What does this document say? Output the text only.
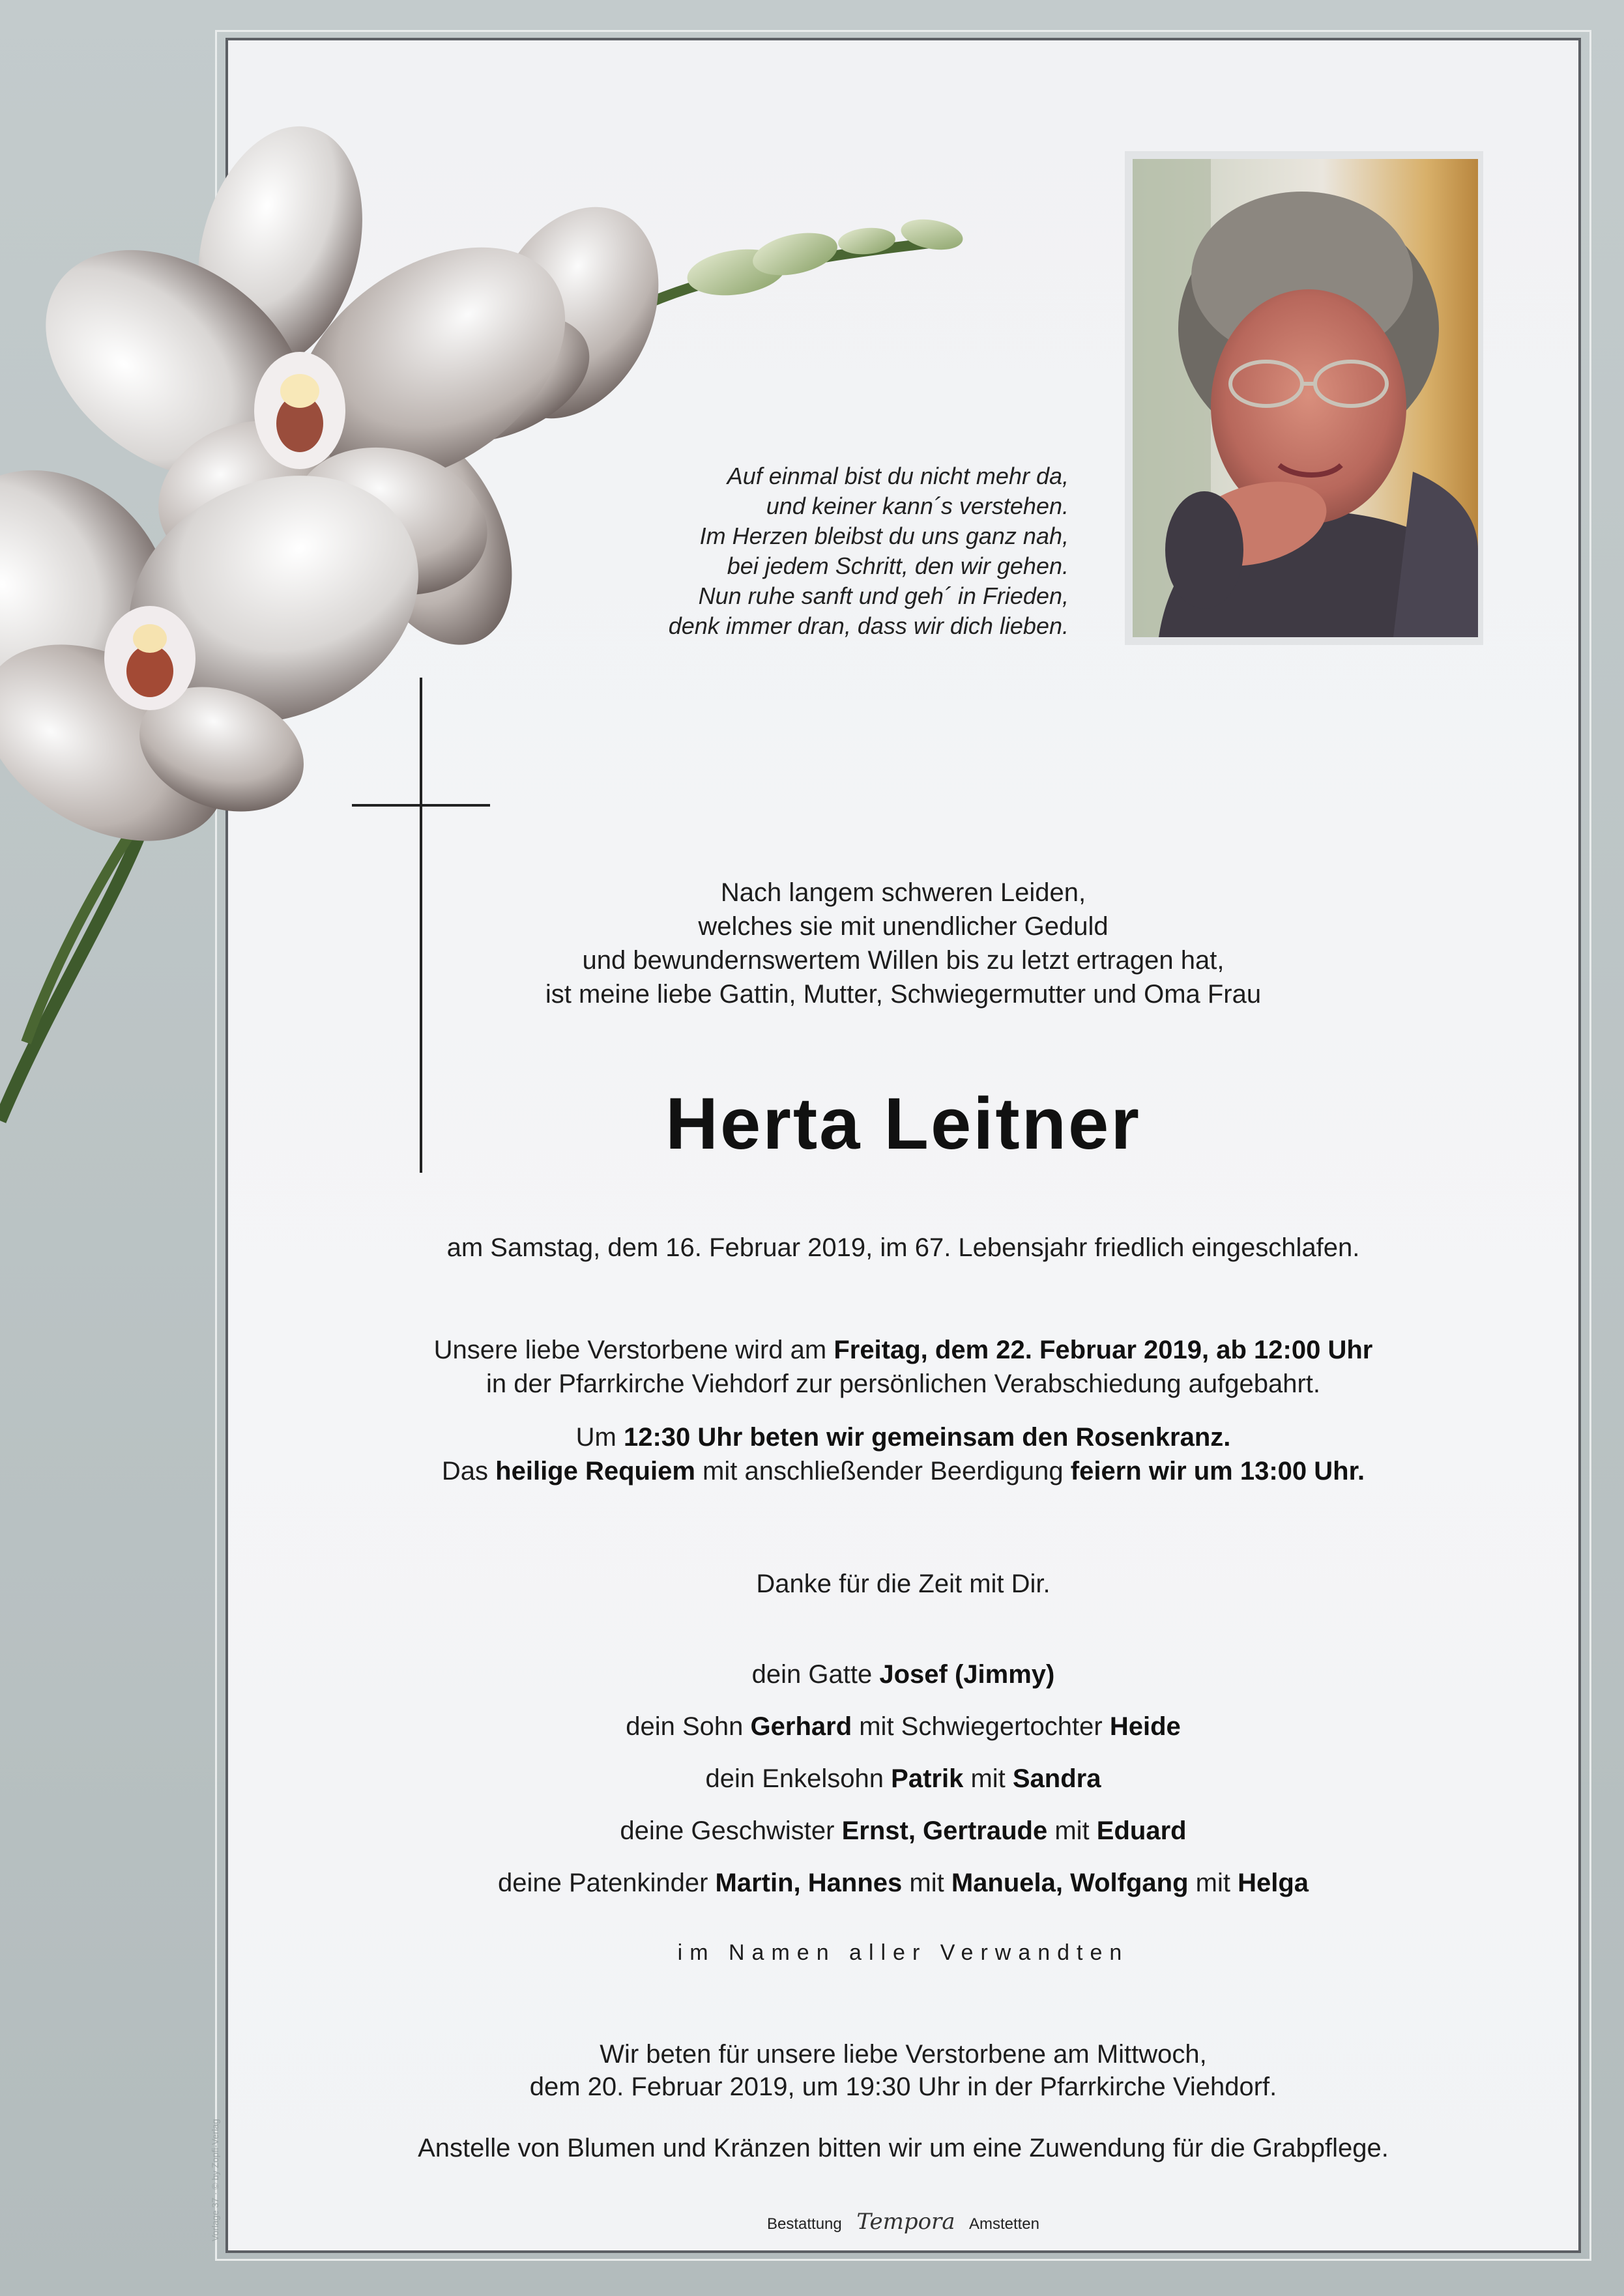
Auf einmal bist du nicht mehr da,
und keiner kann´s verstehen.
Im Herzen bleibst du uns ganz nah,
bei jedem Schritt, den wir gehen.
Nun ruhe sanft und geh´ in Frieden,
denk immer dran, dass wir dich lieben.
Nach langem schweren Leiden,
welches sie mit unendlicher Geduld
und bewundernswertem Willen bis zu letzt ertragen hat,
ist meine liebe Gattin, Mutter, Schwiegermutter und Oma Frau
Herta Leitner
am Samstag, dem 16. Februar 2019, im 67. Lebensjahr friedlich eingeschlafen.
Unsere liebe Verstorbene wird am Freitag, dem 22. Februar 2019, ab 12:00 Uhr
in der Pfarrkirche Viehdorf zur persönlichen Verabschiedung aufgebahrt.
Um 12:30 Uhr beten wir gemeinsam den Rosenkranz.
Das heilige Requiem mit anschließender Beerdigung feiern wir um 13:00 Uhr.
Danke für die Zeit mit Dir.
dein Gatte Josef (Jimmy)
dein Sohn Gerhard mit Schwiegertochter Heide
dein Enkelsohn Patrik mit Sandra
deine Geschwister Ernst, Gertraude mit Eduard
deine Patenkinder Martin, Hannes mit Manuela, Wolfgang mit Helga
im Namen aller Verwandten
Wir beten für unsere liebe Verstorbene am Mittwoch,
dem 20. Februar 2019, um 19:30 Uhr in der Pfarrkirche Viehdorf.
Anstelle von Blumen und Kränzen bitten wir um eine Zuwendung für die Grabpflege.
Bestattung Tempora Amstetten
Vorlage 37 · © by Zopfi-Verlag
